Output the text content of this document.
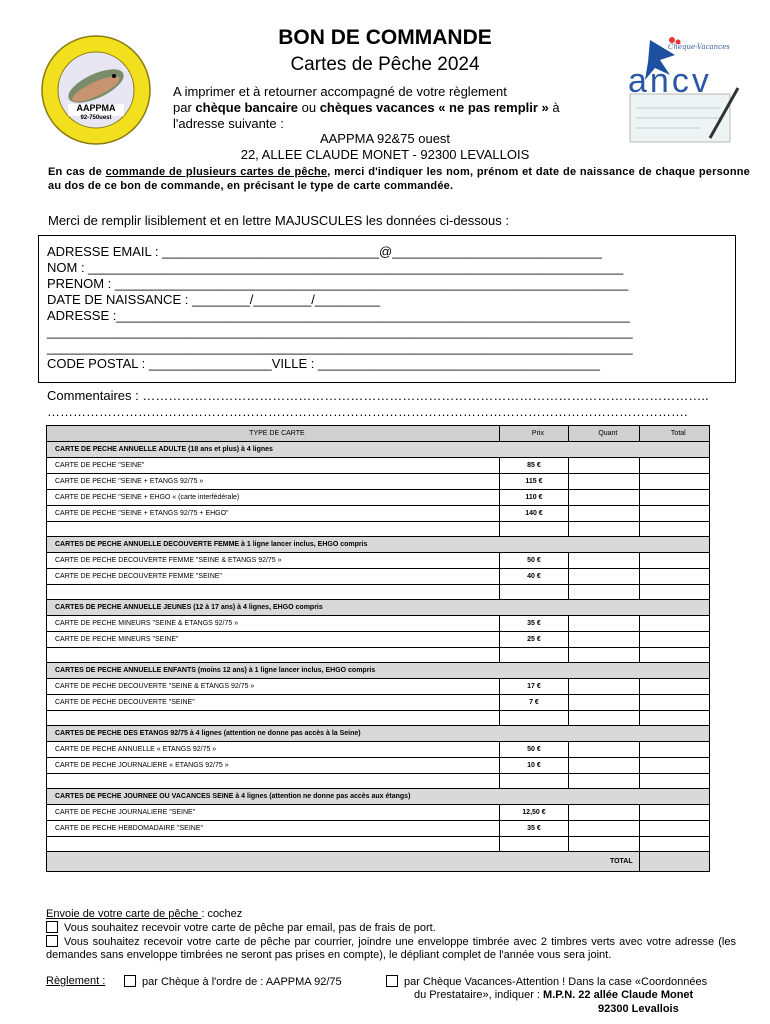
AAPPMA
92-750uest
Chèque-Vacances
ancv
BON DE COMMANDE
Cartes de Pêche 2024
A imprimer et à retourner accompagné de votre règlement
par chèque bancaire ou chèques vacances « ne pas remplir » à
l'adresse suivante :
AAPPMA 92&75 ouest
22, ALLEE CLAUDE MONET - 92300 LEVALLOIS
En cas de commande de plusieurs cartes de pêche, merci d'indiquer les nom, prénom et date de naissance de chaque personne au dos de ce bon de commande, en précisant le type de carte commandée.
Merci de remplir lisiblement et en lettre MAJUSCULES les données ci-dessous :
ADRESSE EMAIL : ______________________________@_____________________________
NOM : __________________________________________________________________________
PRENOM : _______________________________________________________________________
DATE DE NAISSANCE : ________/________/_________
ADRESSE :_______________________________________________________________________
_________________________________________________________________________________
_________________________________________________________________________________
CODE POSTAL : _________________VILLE : _______________________________________
Commentaires : …………………………………………………………………………………………………………………..
………………………………………………………………………………………………………………………………….
TYPE DE CARTE	Prix	Quant	Total
CARTE DE PECHE ANNUELLE ADULTE (18 ans et plus) à 4 lignes			
CARTE DE PECHE "SEINE"	85 €		
CARTE DE PECHE "SEINE + ETANGS 92/75 »	115 €		
CARTE DE PECHE "SEINE + EHGO « (carte interfédérale)	110 €		
CARTE DE PECHE "SEINE + ETANGS 92/75 + EHGO"	140 €		

CARTES DE PECHE ANNUELLE DECOUVERTE FEMME à 1 ligne lancer inclus, EHGO compris			
CARTE DE PECHE DECOUVERTE FEMME "SEINE & ETANGS 92/75 »	50 €		
CARTE DE PECHE DECOUVERTE FEMME "SEINE"	40 €		

CARTES DE PECHE ANNUELLE JEUNES (12 à 17 ans) à 4 lignes, EHGO compris			
CARTE DE PECHE MINEURS "SEINE & ETANGS 92/75 »	35 €		
CARTE DE PECHE MINEURS "SEINE"	25 €		

CARTES DE PECHE ANNUELLE ENFANTS (moins 12 ans) à 1 ligne lancer inclus, EHGO compris			
CARTE DE PECHE DECOUVERTE "SEINE & ETANGS 92/75 »	17 €		
CARTE DE PECHE DECOUVERTE "SEINE"	7 €		

CARTES DE PECHE DES ETANGS 92/75 à 4 lignes (attention ne donne pas accès à la Seine)			
CARTE DE PECHE ANNUELLE « ETANGS 92/75 »	50 €		
CARTE DE PECHE JOURNALIERE « ETANGS 92/75 »	10 €		

CARTES DE PECHE JOURNEE OU VACANCES SEINE à 4 lignes (attention ne donne pas accès aux étangs)			
CARTE DE PECHE JOURNALIERE "SEINE"	12,50 €		
CARTE DE PECHE HEBDOMADAIRE "SEINE"	35 €		

TOTAL			
Envoie de votre carte de pêche : cochez
Vous souhaitez recevoir votre carte de pêche par email, pas de frais de port.
Vous souhaitez recevoir votre carte de pêche par courrier, joindre une enveloppe timbrée avec 2 timbres verts avec votre adresse (les demandes sans enveloppe timbrées ne seront pas prises en compte), le dépliant complet de l'année vous sera joint.
Règlement :	par Chèque à l'ordre de : AAPPMA 92/75	par Chèque Vacances-Attention ! Dans la case «Coordonnées
du Prestataire», indiquer : M.P.N. 22 allée Claude Monet
92300 Levallois
